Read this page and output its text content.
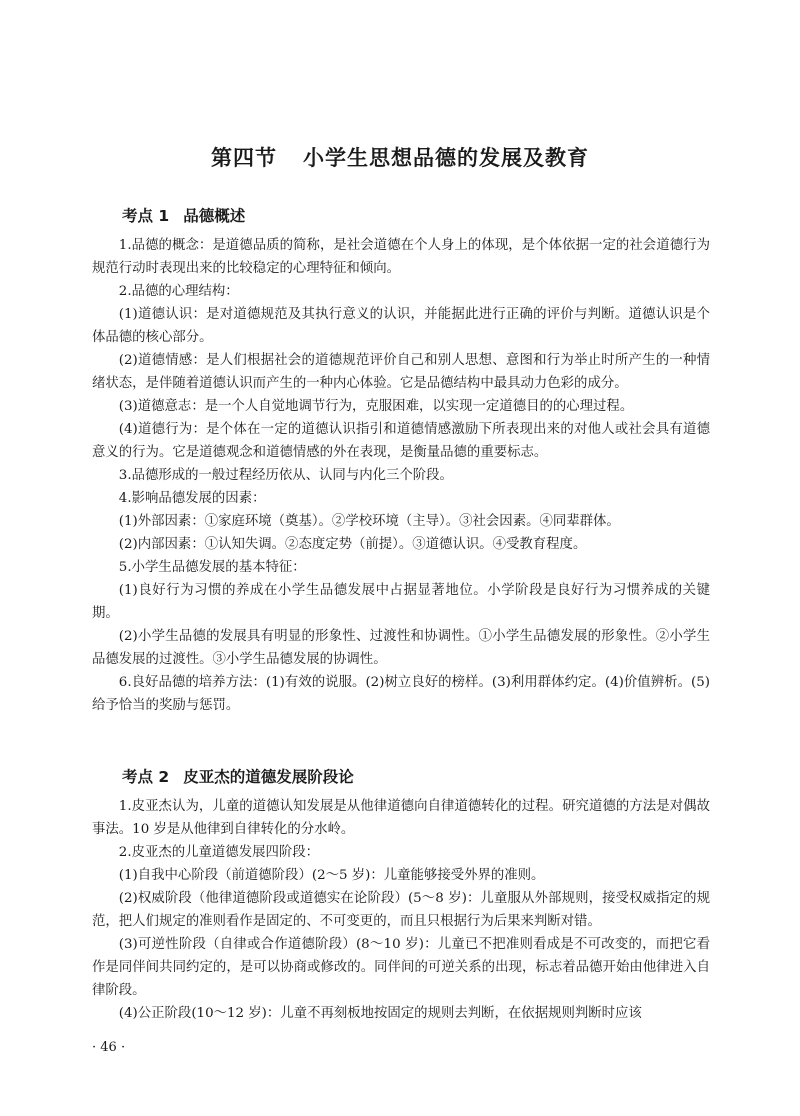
第四节 小学生思想品德的发展及教育
考点 1 品德概述

1.品德的概念：是道德品质的简称，是社会道德在个人身上的体现，是个体依据一定的社会道德行为规范行动时表现出来的比较稳定的心理特征和倾向。

2.品德的心理结构：

(1)道德认识：是对道德规范及其执行意义的认识，并能据此进行正确的评价与判断。道德认识是个体品德的核心部分。

(2)道德情感：是人们根据社会的道德规范评价自己和别人思想、意图和行为举止时所产生的一种情绪状态，是伴随着道德认识而产生的一种内心体验。它是品德结构中最具动力色彩的成分。

(3)道德意志：是一个人自觉地调节行为，克服困难，以实现一定道德目的的心理过程。

(4)道德行为：是个体在一定的道德认识指引和道德情感激励下所表现出来的对他人或社会具有道德意义的行为。它是道德观念和道德情感的外在表现，是衡量品德的重要标志。

3.品德形成的一般过程经历依从、认同与内化三个阶段。

4.影响品德发展的因素：

(1)外部因素：①家庭环境（奠基）。②学校环境（主导）。③社会因素。④同辈群体。

(2)内部因素：①认知失调。②态度定势（前提）。③道德认识。④受教育程度。

5.小学生品德发展的基本特征：

(1)良好行为习惯的养成在小学生品德发展中占据显著地位。小学阶段是良好行为习惯养成的关键期。

(2)小学生品德的发展具有明显的形象性、过渡性和协调性。①小学生品德发展的形象性。②小学生品德发展的过渡性。③小学生品德发展的协调性。

6.良好品德的培养方法：(1)有效的说服。(2)树立良好的榜样。(3)利用群体约定。(4)价值辨析。(5)给予恰当的奖励与惩罚。

考点 2 皮亚杰的道德发展阶段论

1.皮亚杰认为，儿童的道德认知发展是从他律道德向自律道德转化的过程。研究道德的方法是对偶故事法。10 岁是从他律到自律转化的分水岭。

2.皮亚杰的儿童道德发展四阶段：

(1)自我中心阶段（前道德阶段）(2～5 岁)：儿童能够接受外界的准则。

(2)权威阶段（他律道德阶段或道德实在论阶段）(5～8 岁)：儿童服从外部规则，接受权威指定的规范，把人们规定的准则看作是固定的、不可变更的，而且只根据行为后果来判断对错。

(3)可逆性阶段（自律或合作道德阶段）(8～10 岁)：儿童已不把准则看成是不可改变的，而把它看作是同伴间共同约定的，是可以协商或修改的。同伴间的可逆关系的出现，标志着品德开始由他律进入自律阶段。

(4)公正阶段(10～12 岁)：儿童不再刻板地按固定的规则去判断，在依据规则判断时应该

· 46 ·
